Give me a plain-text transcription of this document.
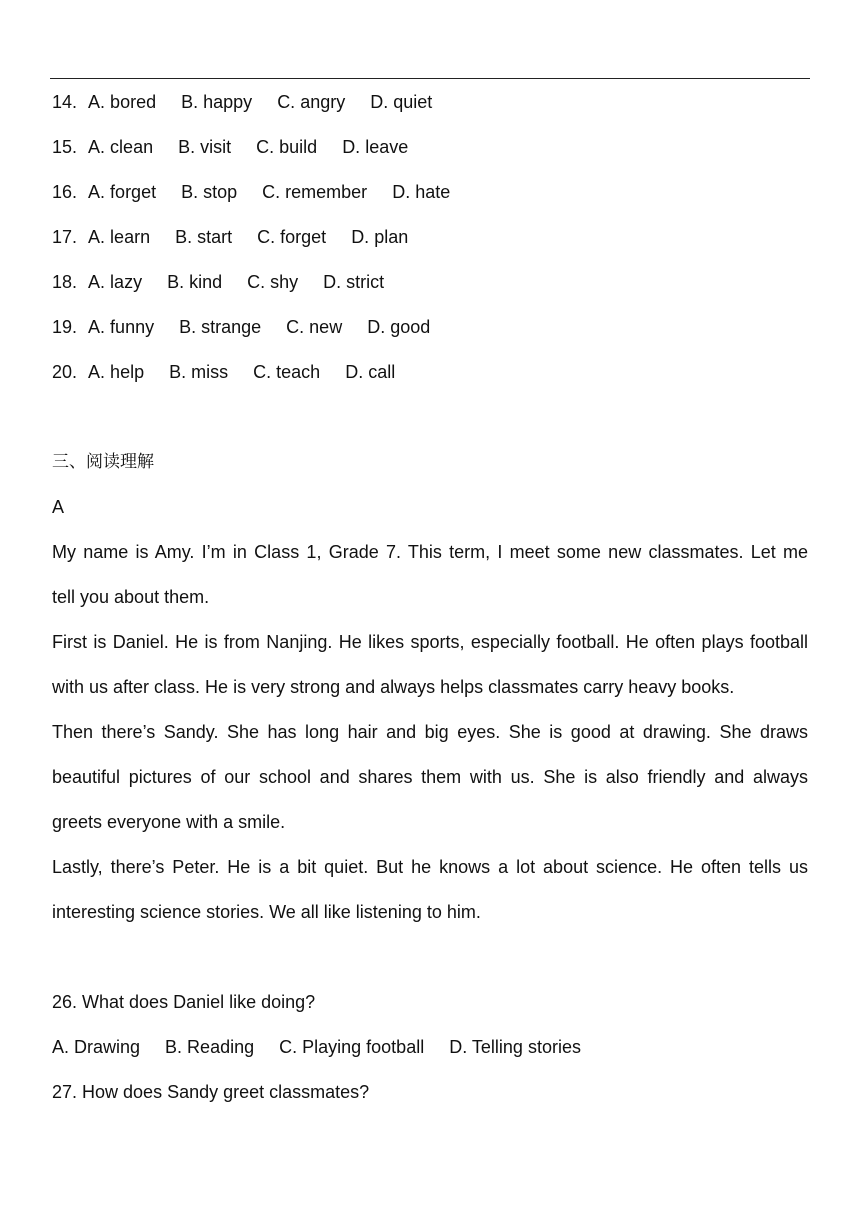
14. A. bored B. happy C. angry D. quiet
15. A. clean B. visit C. build D. leave
16. A. forget B. stop C. remember D. hate
17. A. learn B. start C. forget D. plan
18. A. lazy B. kind C. shy D. strict
19. A. funny B. strange C. new D. good
20. A. help B. miss C. teach D. call
三、阅读理解
A
My name is Amy. I’m in Class 1, Grade 7. This term, I meet some new classmates. Let me
tell you about them.
First is Daniel. He is from Nanjing. He likes sports, especially football. He often plays football
with us after class. He is very strong and always helps classmates carry heavy books.
Then there’s Sandy. She has long hair and big eyes. She is good at drawing. She draws
beautiful pictures of our school and shares them with us. She is also friendly and always
greets everyone with a smile.
Lastly, there’s Peter. He is a bit quiet. But he knows a lot about science. He often tells us
interesting science stories. We all like listening to him.
26. What does Daniel like doing?
A. Drawing B. Reading C. Playing football D. Telling stories
27. How does Sandy greet classmates?
